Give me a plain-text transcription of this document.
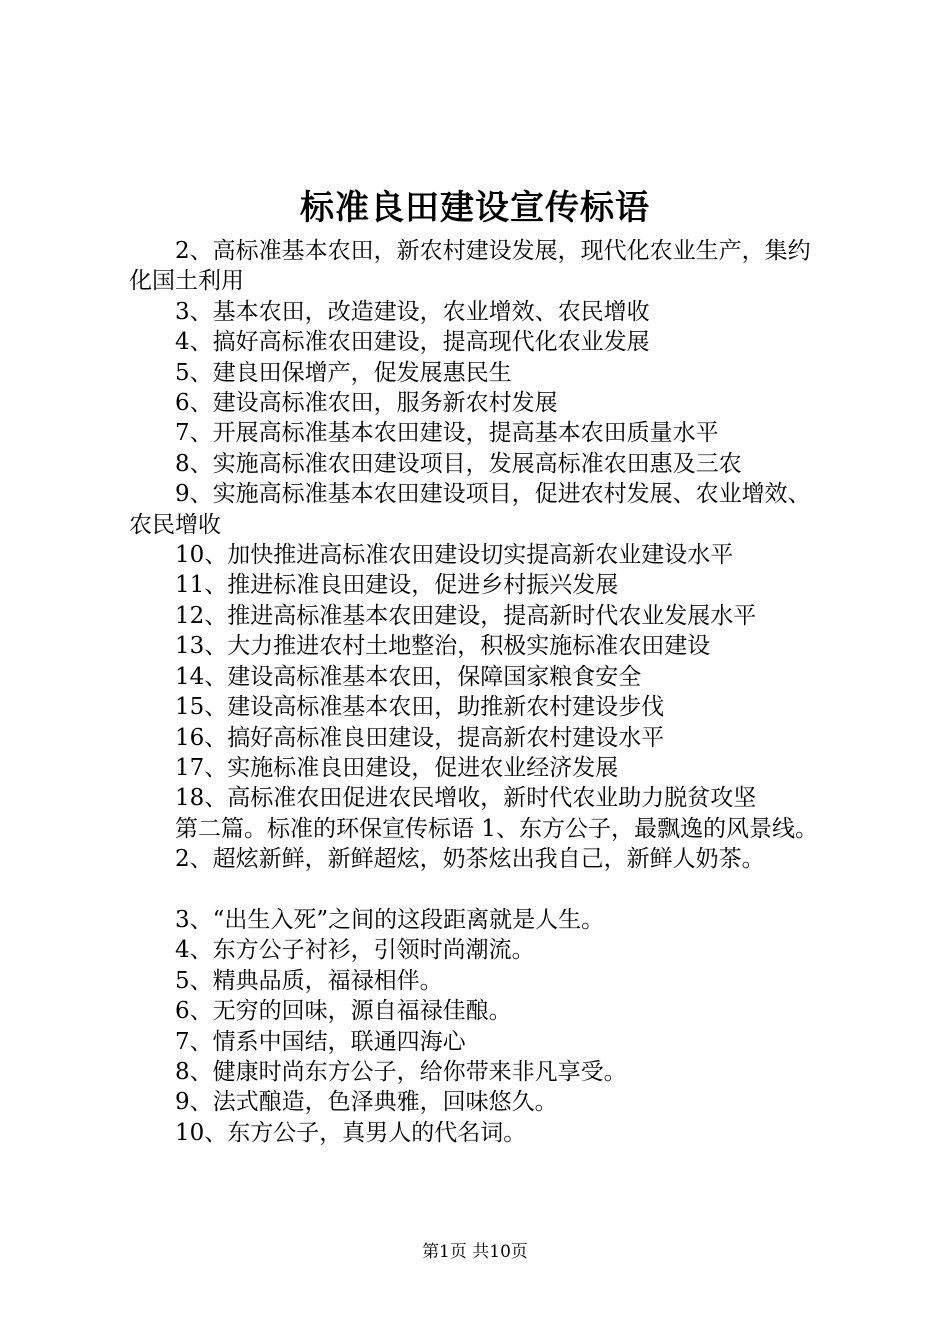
标准良田建设宣传标语

2、高标准基本农田，新农村建设发展，现代化农业生产，集约化国土利用

3、基本农田，改造建设，农业增效、农民增收

4、搞好高标准农田建设，提高现代化农业发展

5、建良田保增产，促发展惠民生

6、建设高标准农田，服务新农村发展

7、开展高标准基本农田建设，提高基本农田质量水平

8、实施高标准农田建设项目，发展高标准农田惠及三农

9、实施高标准基本农田建设项目，促进农村发展、农业增效、农民增收

10、加快推进高标准农田建设切实提高新农业建设水平

11、推进标准良田建设，促进乡村振兴发展

12、推进高标准基本农田建设，提高新时代农业发展水平

13、大力推进农村土地整治，积极实施标准农田建设

14、建设高标准基本农田，保障国家粮食安全

15、建设高标准基本农田，助推新农村建设步伐

16、搞好高标准良田建设，提高新农村建设水平

17、实施标准良田建设，促进农业经济发展

18、高标准农田促进农民增收，新时代农业助力脱贫攻坚

第二篇。标准的环保宣传标语 1、东方公子，最飘逸的风景线。

2、超炫新鲜，新鲜超炫，奶茶炫出我自己，新鲜人奶茶。

3、“出生入死”之间的这段距离就是人生。

4、东方公子衬衫，引领时尚潮流。

5、精典品质，福禄相伴。

6、无穷的回味，源自福禄佳酿。

7、情系中国结，联通四海心

8、健康时尚东方公子，给你带来非凡享受。

9、法式酿造，色泽典雅，回味悠久。

10、东方公子，真男人的代名词。

第1页 共10页
